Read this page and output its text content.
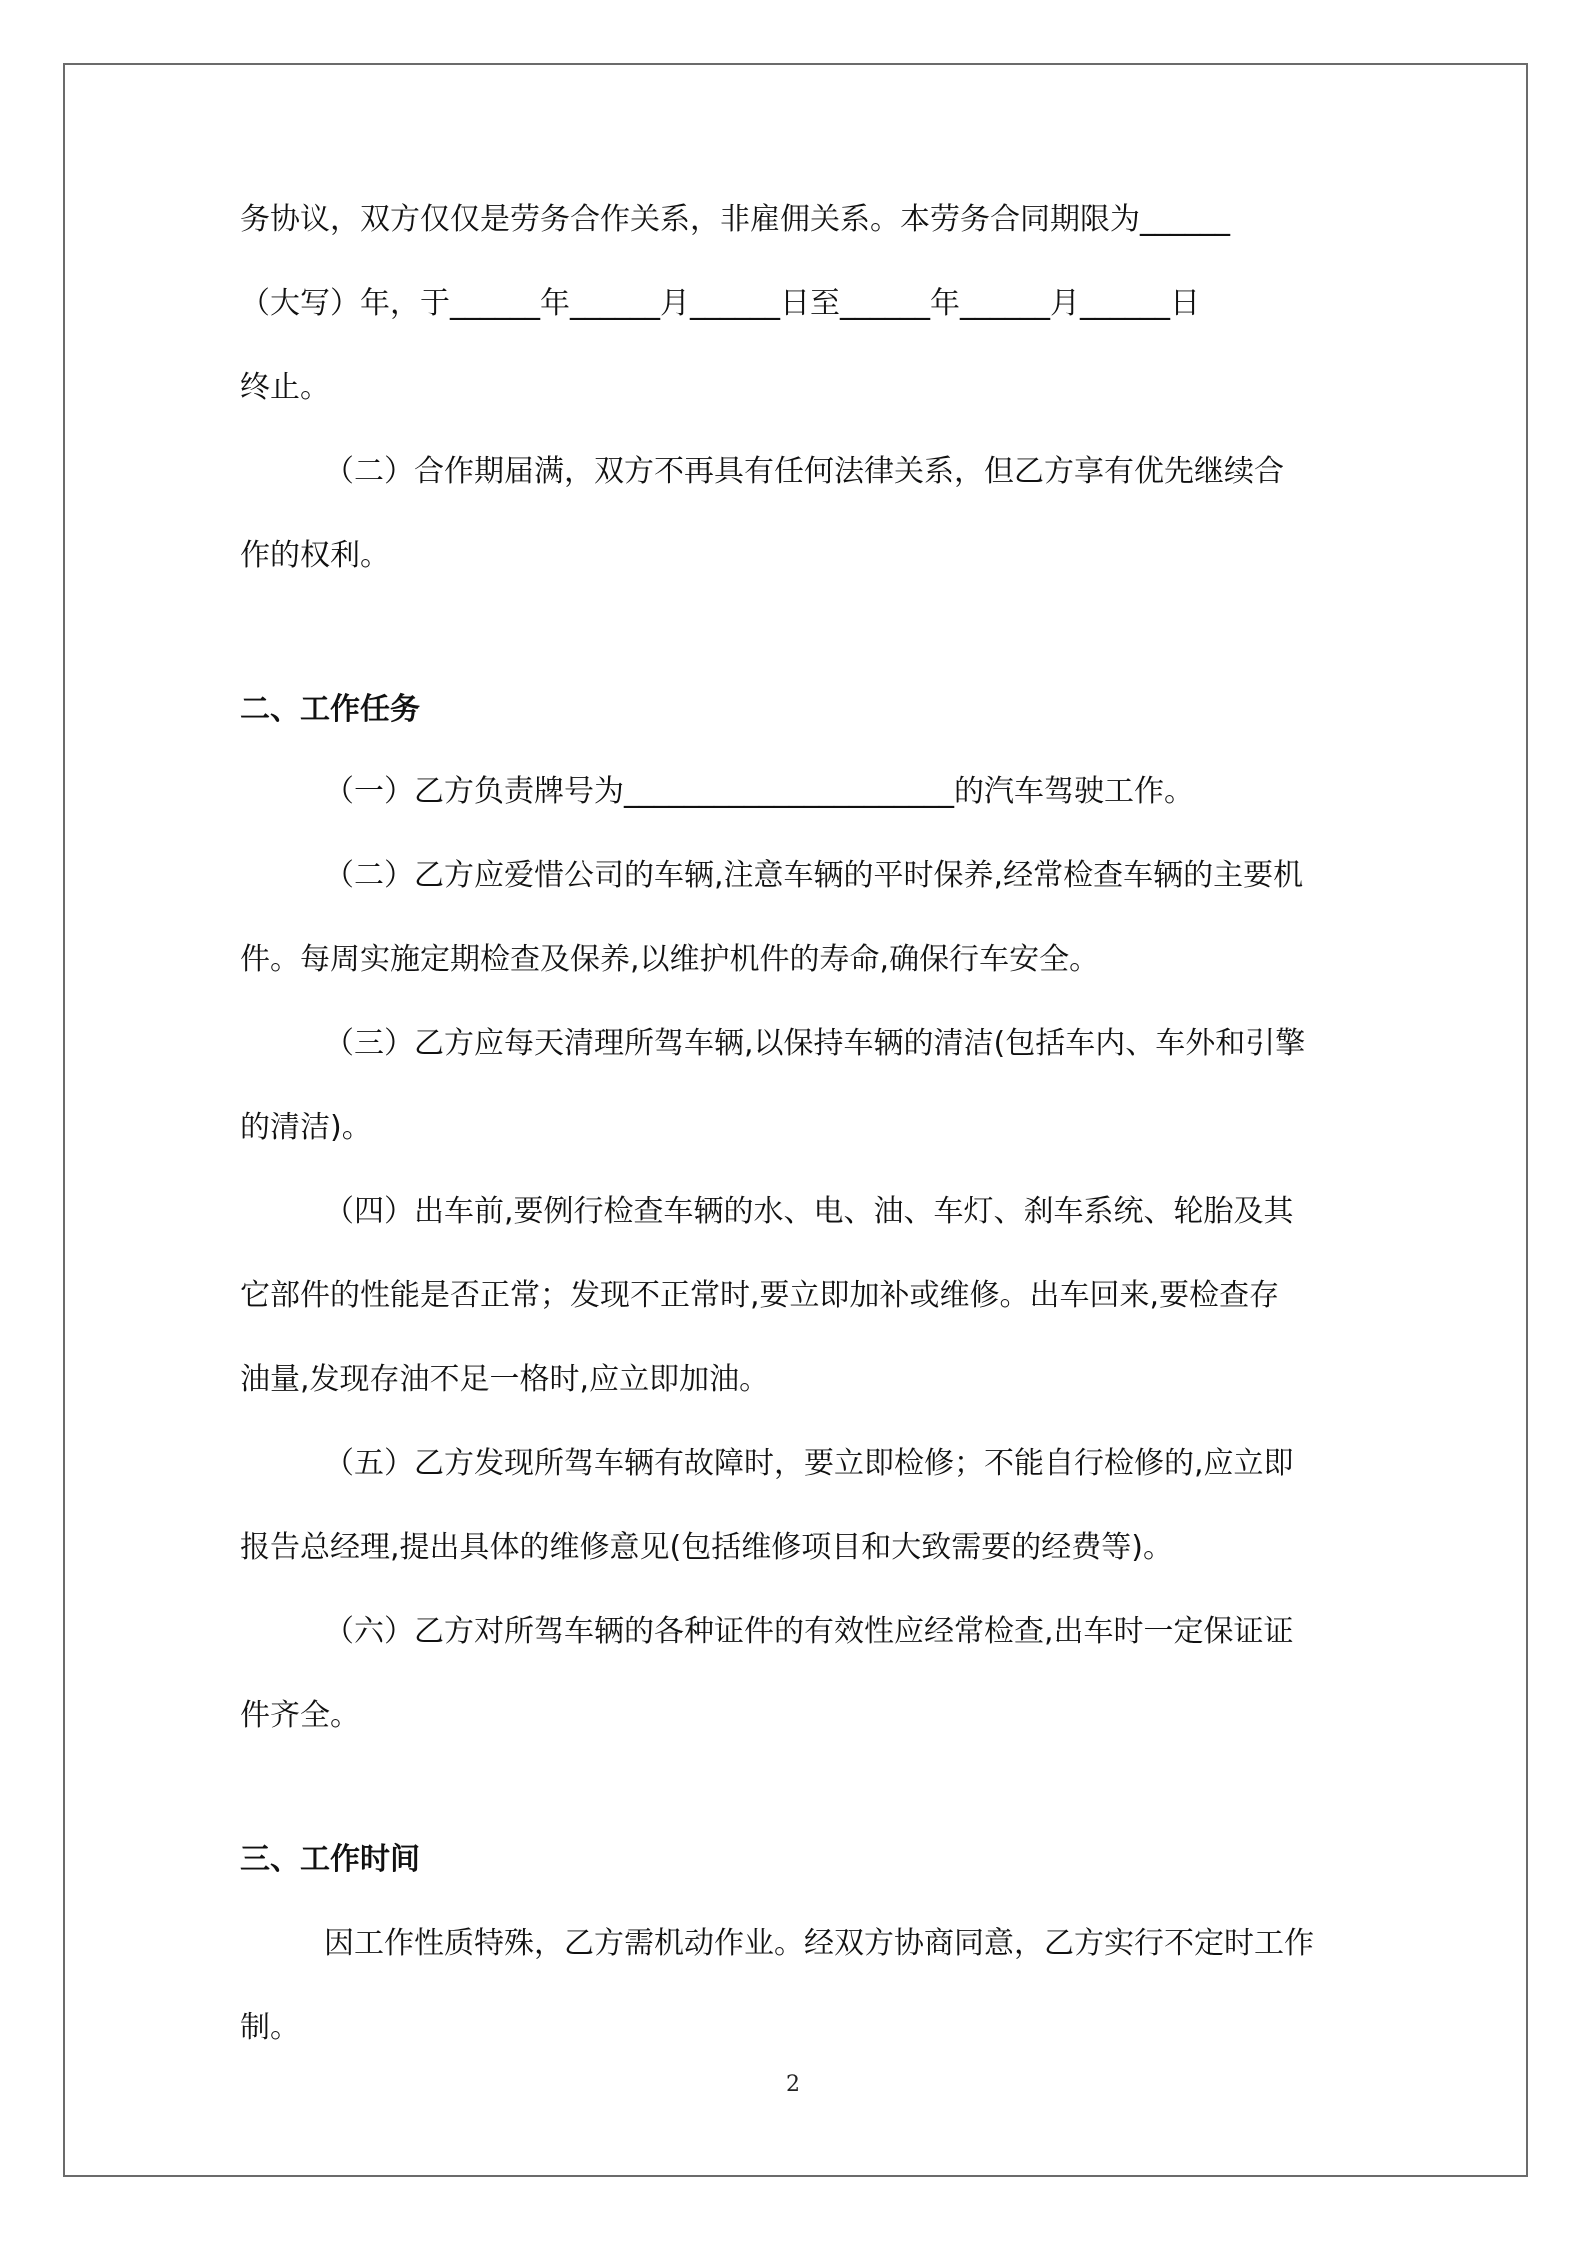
务协议，双方仅仅是劳务合作关系，非雇佣关系。本劳务合同期限为______
（大写）年，于______年______月______日至______年______月______日
终止。
（二）合作期届满，双方不再具有任何法律关系，但乙方享有优先继续合
作的权利。
二、工作任务
（一）乙方负责牌号为______________________的汽车驾驶工作。
（二）乙方应爱惜公司的车辆,注意车辆的平时保养,经常检查车辆的主要机
件。每周实施定期检查及保养,以维护机件的寿命,确保行车安全。
（三）乙方应每天清理所驾车辆,以保持车辆的清洁(包括车内、车外和引擎
的清洁)。
（四）出车前,要例行检查车辆的水、电、油、车灯、刹车系统、轮胎及其
它部件的性能是否正常；发现不正常时,要立即加补或维修。出车回来,要检查存
油量,发现存油不足一格时,应立即加油。
（五）乙方发现所驾车辆有故障时，要立即检修；不能自行检修的,应立即
报告总经理,提出具体的维修意见(包括维修项目和大致需要的经费等)。
（六）乙方对所驾车辆的各种证件的有效性应经常检查,出车时一定保证证
件齐全。
三、工作时间
因工作性质特殊，乙方需机动作业。经双方协商同意，乙方实行不定时工作
制。
2
